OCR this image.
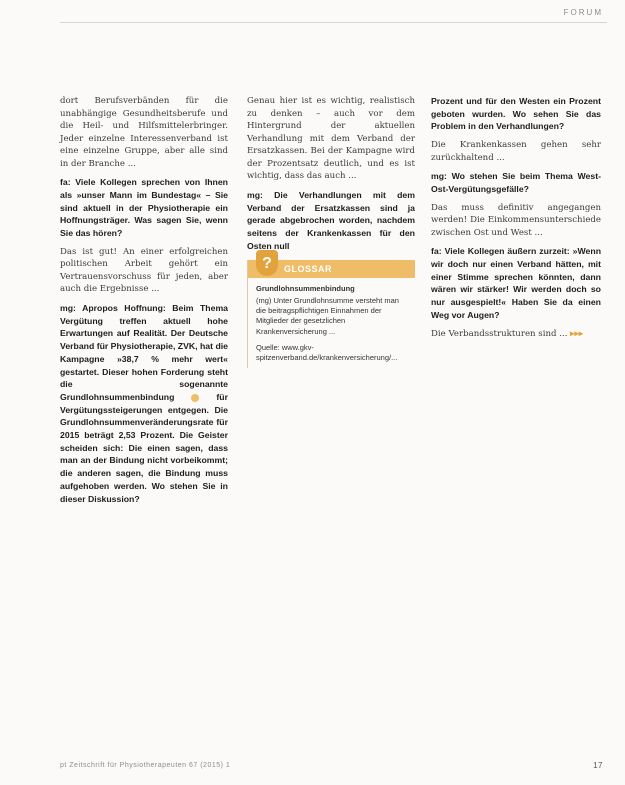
FORUM

dort Berufsverbänden für die unabhängige Gesundheitsberufe und die Heil- und Hilfsmittelerbringer. Jeder einzelne Interessenverband ist eine einzelne Gruppe, aber alle sind in der Branche ...

fa: Viele Kollegen sprechen von Ihnen als »unser Mann im Bundestag« – Sie sind aktuell in der Physiotherapie ein Hoffnungsträger. Was sagen Sie, wenn Sie das hören?

Das ist gut! An einer erfolgreichen politischen Arbeit gehört ein Vertrauensvorschuss für jeden, aber auch die Ergebnisse ...

mg: Apropos Hoffnung: Beim Thema Vergütung treffen aktuell hohe Erwartungen auf Realität. Der Deutsche Verband für Physiotherapie, ZVK, hat die Kampagne »38,7 % mehr wert« gestartet. Dieser hohen Forderung steht die sogenannte Grundlohnsummenbindung	für Vergütungssteigerungen entgegen. Die Grundlohnsummenveränderungsrate für 2015 beträgt 2,53 Prozent. Die Geister scheiden sich: Die einen sagen, dass man an der Bindung nicht vorbeikommt; die anderen sagen, die Bindung muss aufgehoben werden. Wo stehen Sie in dieser Diskussion?

Genau hier ist es wichtig, realistisch zu denken – auch vor dem Hintergrund der aktuellen Verhandlung mit dem Verband der Ersatzkassen. Bei der Kampagne wird der Prozentsatz deutlich, und es ist wichtig, dass das auch ...

mg: Die Verhandlungen mit dem Verband der Ersatzkassen sind ja gerade abgebrochen worden, nachdem seitens der Krankenkassen für den Osten null

?	GLOSSAR

Grundlohnsummenbindung

(mg) Unter Grundlohnsumme versteht man die beitragspflichtigen Einnahmen der Mitglieder der gesetzlichen Krankenversicherung ...

Quelle: www.gkv-spitzenverband.de/krankenversicherung/...

Prozent und für den Westen ein Prozent geboten wurden. Wo sehen Sie das Problem in den Verhandlungen?

Die Krankenkassen gehen sehr zurückhaltend ...

mg: Wo stehen Sie beim Thema West-Ost-Vergütungsgefälle?

Das muss definitiv angegangen werden! Die Einkommensunterschiede zwischen Ost und West ...

fa: Viele Kollegen äußern zurzeit: »Wenn wir doch nur einen Verband hätten, mit einer Stimme sprechen könnten, dann wären wir stärker! Wir werden doch so nur ausgespielt!« Haben Sie da einen Weg vor Augen?

Die Verbandsstrukturen sind ... ▸▸▸

pt Zeitschrift für Physiotherapeuten 67 (2015) 1	17
